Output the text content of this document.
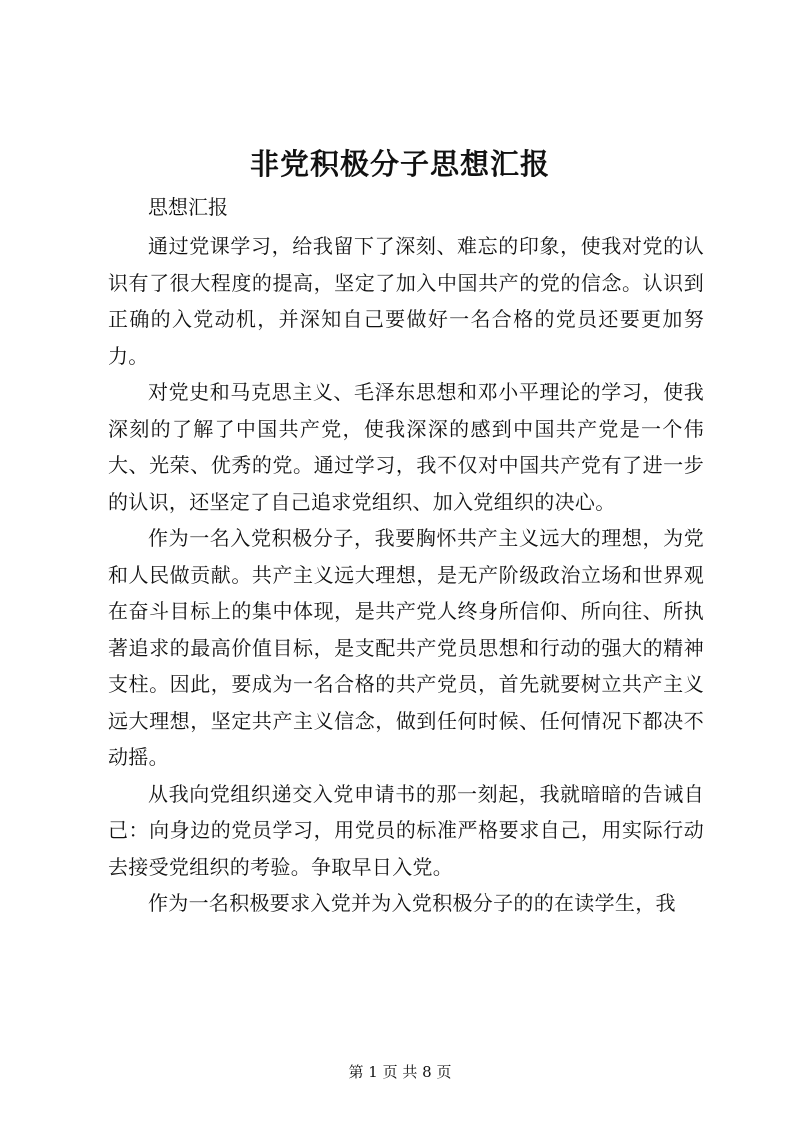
非党积极分子思想汇报

思想汇报

通过党课学习，给我留下了深刻、难忘的印象，使我对党的认识有了很大程度的提高，坚定了加入中国共产的党的信念。认识到正确的入党动机，并深知自己要做好一名合格的党员还要更加努力。

对党史和马克思主义、毛泽东思想和邓小平理论的学习，使我深刻的了解了中国共产党，使我深深的感到中国共产党是一个伟大、光荣、优秀的党。通过学习，我不仅对中国共产党有了进一步的认识，还坚定了自己追求党组织、加入党组织的决心。

作为一名入党积极分子，我要胸怀共产主义远大的理想，为党和人民做贡献。共产主义远大理想，是无产阶级政治立场和世界观在奋斗目标上的集中体现，是共产党人终身所信仰、所向往、所执著追求的最高价值目标，是支配共产党员思想和行动的强大的精神支柱。因此，要成为一名合格的共产党员，首先就要树立共产主义远大理想，坚定共产主义信念，做到任何时候、任何情况下都决不动摇。

从我向党组织递交入党申请书的那一刻起，我就暗暗的告诫自己：向身边的党员学习，用党员的标准严格要求自己，用实际行动去接受党组织的考验。争取早日入党。

作为一名积极要求入党并为入党积极分子的的在读学生，我

第 1 页 共 8 页
